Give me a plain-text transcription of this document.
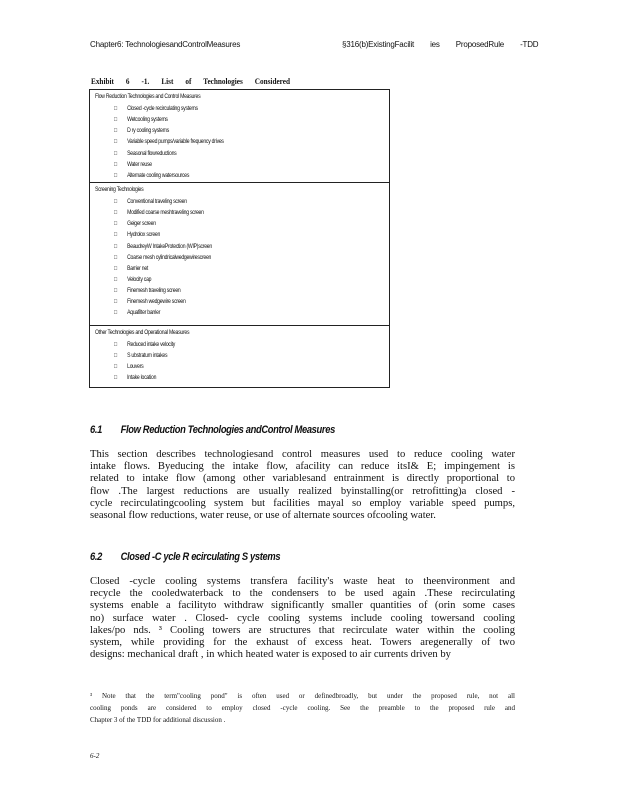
Chapter6: TechnologiesandControlMeasures	§316(b)ExistingFacilit ies ProposedRule -TDD
Exhibit 6 -1. List of Technologies Considered
Flow Reduction Technologies and Control Measures
□ Closed -cycle recirculating systems
□ Wetcooling systems
□ D ry cooling systems
□ Variable speed pumps/variable frequency drives
□ Seasonal flowreductions
□ Water reuse
□ Alternate cooling watersources
Screening Technologies
□ Conventional traveling screen
□ Modified coarse meshtraveling screen
□ Geiger screen
□ Hydrolox screen
□ BeaudreyW IntakeProtection (WIP)screen
□ Coarse mesh cylindricalwedgewirescreen
□ Barrier net
□ Velocity cap
□ Finemesh traveling screen
□ Finemesh wedgewire screen
□ Aquafilter barrier
Other Technologies and Operational Measures
□ Reduced intake velocity
□ S ubstratum intakes
□ Louvers
□ Intake location
6.1 Flow Reduction Technologies andControl Measures
This section describes technologiesand control measures used to reduce cooling water
intake flows. Byeducing the intake flow, afacility can reduce itsI& E; impingement is
related to intake flow (among other variablesand entrainment is directly proportional to
flow .The largest reductions are usually realized byinstalling(or retrofitting)a closed -
cycle recirculatingcooling system but facilities mayal so employ variable speed pumps,
seasonal flow reductions, water reuse, or use of alternate sources ofcooling water.
6.2 Closed -C ycle R ecirculating S ystems
Closed -cycle cooling systems transfera facility's waste heat to theenvironment and
recycle the cooledwaterback to the condensers to be used again .These recirculating
systems enable a facilityto withdraw significantly smaller quantities of (orin some cases
no) surface water . Closed- cycle cooling systems include cooling towersand cooling
lakes/po nds. ³ Cooling towers are structures that recirculate water within the cooling
system, while providing for the exhaust of excess heat. Towers aregenerally of two
designs: mechanical draft , in which heated water is exposed to air currents driven by
³ Note that the term"cooling pond" is often used or definedbroadly, but under the proposed rule, not all
cooling ponds are considered to employ closed -cycle cooling. See the preamble to the proposed rule and
Chapter 3 of the TDD for additional discussion .
6-2
